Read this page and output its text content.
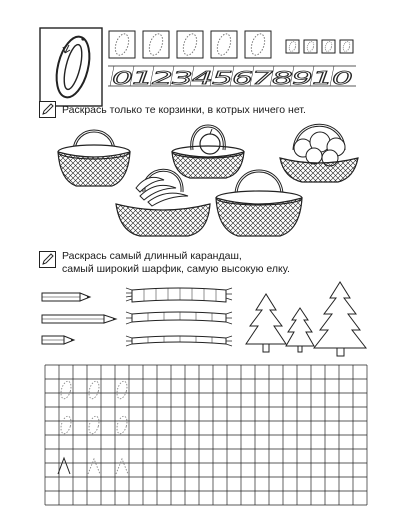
012345678910
Раскрась только те корзинки, в котрых ничего нет.
Раскрась самый длинный карандаш,
самый широкий шарфик, самую высокую елку.
